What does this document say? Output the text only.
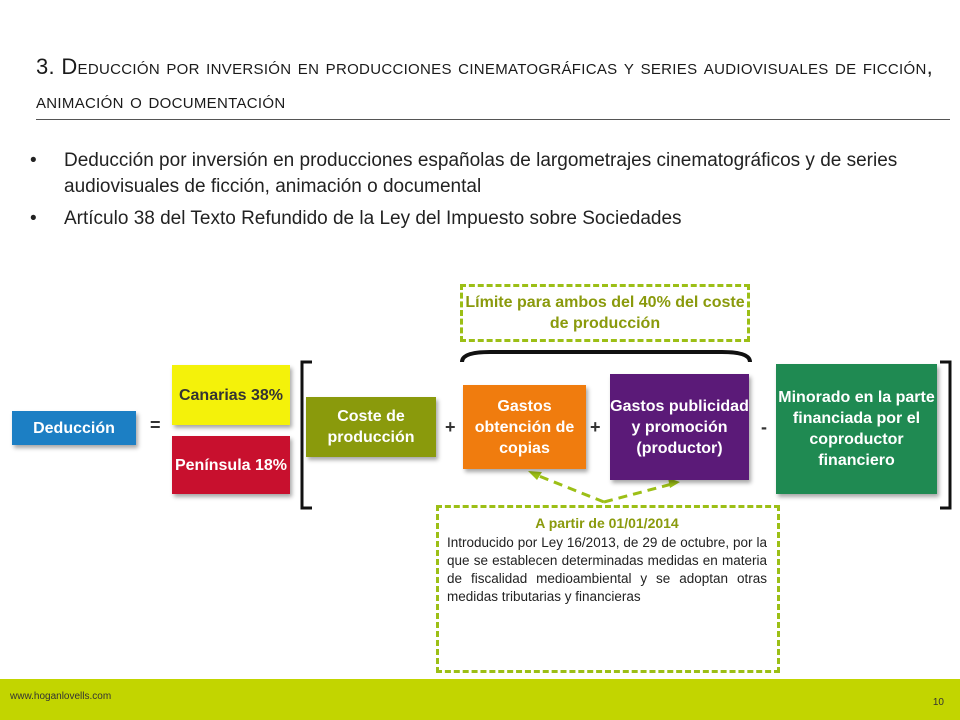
3. Deducción por inversión en producciones cinematográficas y series audiovisuales de ficción, animación o documentación
• Deducción por inversión en producciones españolas de largometrajes cinematográficos y de series audiovisuales de ficción, animación o documental
• Artículo 38 del Texto Refundido de la Ley del Impuesto sobre Sociedades
Deducción	=
Canarias 38%
Península 18%
Coste de producción
+
Gastos obtención de copias
+
Gastos publicidad y promoción (productor)
-
Minorado en la parte financiada por el coproductor financiero
Límite para ambos del 40% del coste de producción
A partir de 01/01/2014
Introducido por Ley 16/2013, de 29 de octubre, por la que se establecen determinadas medidas en materia de fiscalidad medioambiental y se adoptan otras medidas tributarias y financieras
www.hoganlovells.com
10
